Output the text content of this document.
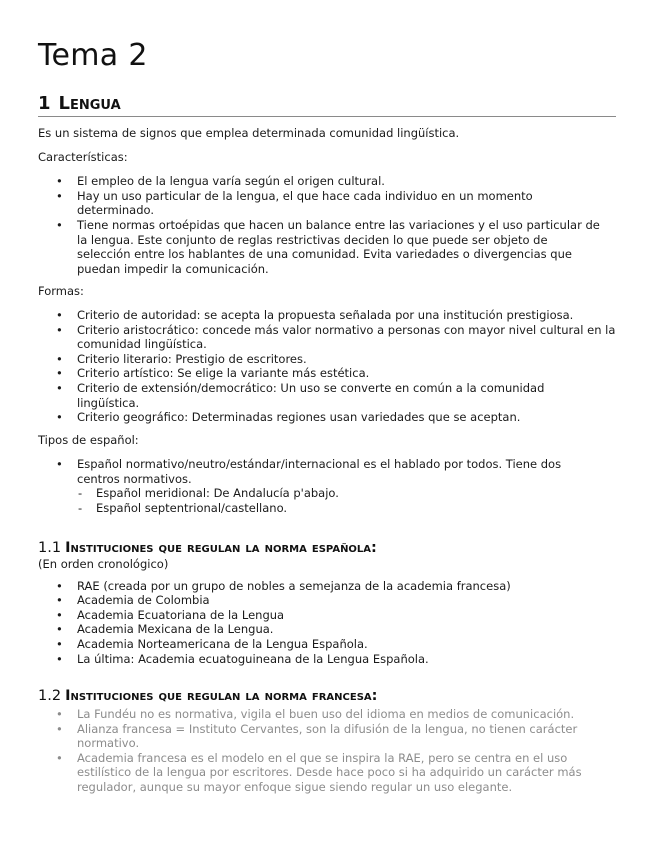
Tema 2
1 Lengua

Es un sistema de signos que emplea determinada comunidad lingüística.

Características:

• El empleo de la lengua varía según el origen cultural.
• Hay un uso particular de la lengua, el que hace cada individuo en un momento determinado.
• Tiene normas ortoépidas que hacen un balance entre las variaciones y el uso particular de la lengua. Este conjunto de reglas restrictivas deciden lo que puede ser objeto de selección entre los hablantes de una comunidad. Evita variedades o divergencias que puedan impedir la comunicación.

Formas:

• Criterio de autoridad: se acepta la propuesta señalada por una institución prestigiosa.
• Criterio aristocrático: concede más valor normativo a personas con mayor nivel cultural en la comunidad lingüística.
• Criterio literario: Prestigio de escritores.
• Criterio artístico: Se elige la variante más estética.
• Criterio de extensión/democrático: Un uso se converte en común a la comunidad lingüística.
• Criterio geográfico: Determinadas regiones usan variedades que se aceptan.

Tipos de español:

• Español normativo/neutro/estándar/internacional es el hablado por todos. Tiene dos centros normativos.
- Español meridional: De Andalucía p'abajo.
- Español septentrional/castellano.
1.1 Instituciones que regulan la norma española:

(En orden cronológico)

• RAE (creada por un grupo de nobles a semejanza de la academia francesa)
• Academia de Colombia
• Academia Ecuatoriana de la Lengua
• Academia Mexicana de la Lengua.
• Academia Norteamericana de la Lengua Española.
• La última: Academia ecuatoguineana de la Lengua Española.
1.2 Instituciones que regulan la norma francesa:
• La Fundéu no es normativa, vigila el buen uso del idioma en medios de comunicación.
• Alianza francesa = Instituto Cervantes, son la difusión de la lengua, no tienen carácter normativo.
• Academia francesa es el modelo en el que se inspira la RAE, pero se centra en el uso estilístico de la lengua por escritores. Desde hace poco si ha adquirido un carácter más regulador, aunque su mayor enfoque sigue siendo regular un uso elegante.
